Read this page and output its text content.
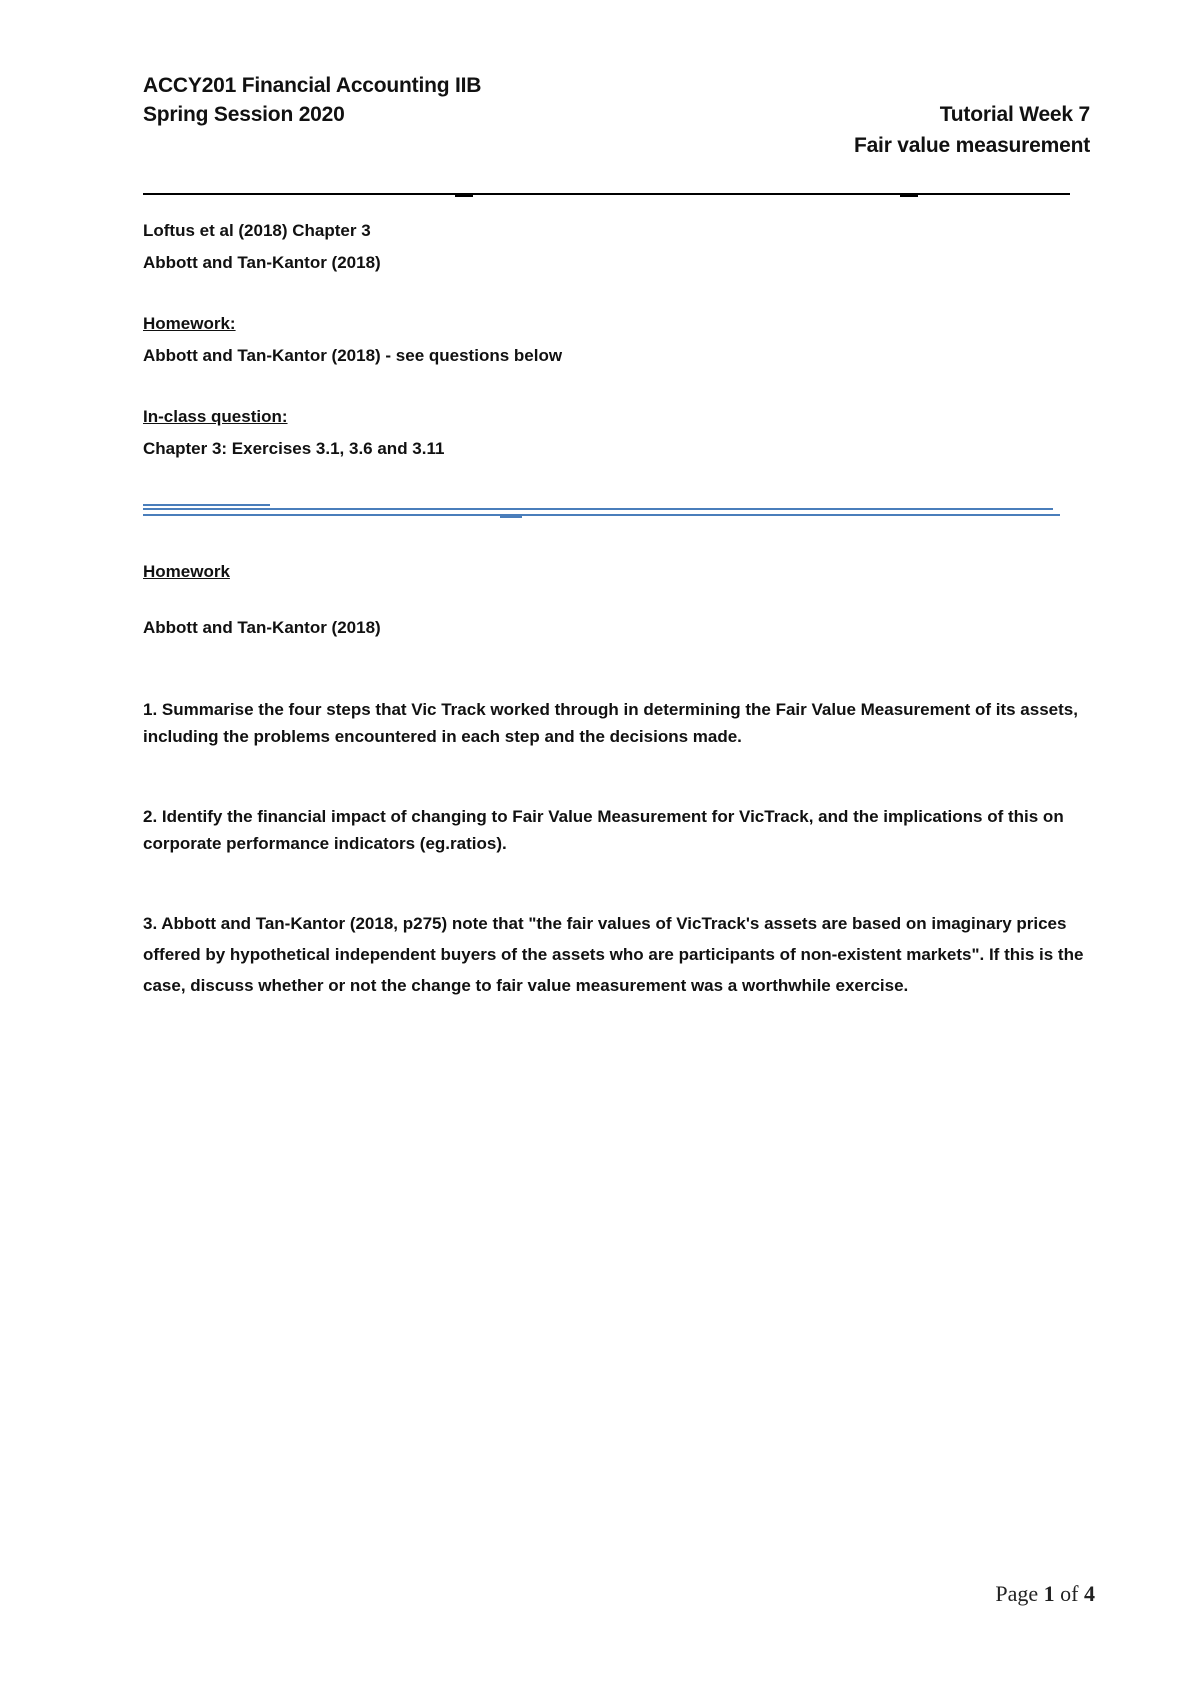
ACCY201 Financial Accounting IIB
Spring Session 2020	Tutorial Week 7
Fair value measurement
Loftus et al (2018) Chapter 3
Abbott and Tan-Kantor (2018)
Homework:
Abbott and Tan-Kantor (2018) - see questions below
In-class question:
Chapter 3: Exercises 3.1, 3.6 and 3.11
Homework
Abbott and Tan-Kantor (2018)
1. Summarise the four steps that Vic Track worked through in determining the Fair Value Measurement of its assets, including the problems encountered in each step and the decisions made.
2. Identify the financial impact of changing to Fair Value Measurement for VicTrack, and the implications of this on corporate performance indicators (eg.ratios).
3. Abbott and Tan-Kantor (2018, p275) note that "the fair values of VicTrack's assets are based on imaginary prices offered by hypothetical independent buyers of the assets who are participants of non-existent markets". If this is the case, discuss whether or not the change to fair value measurement was a worthwhile exercise.
Page 1 of 4
